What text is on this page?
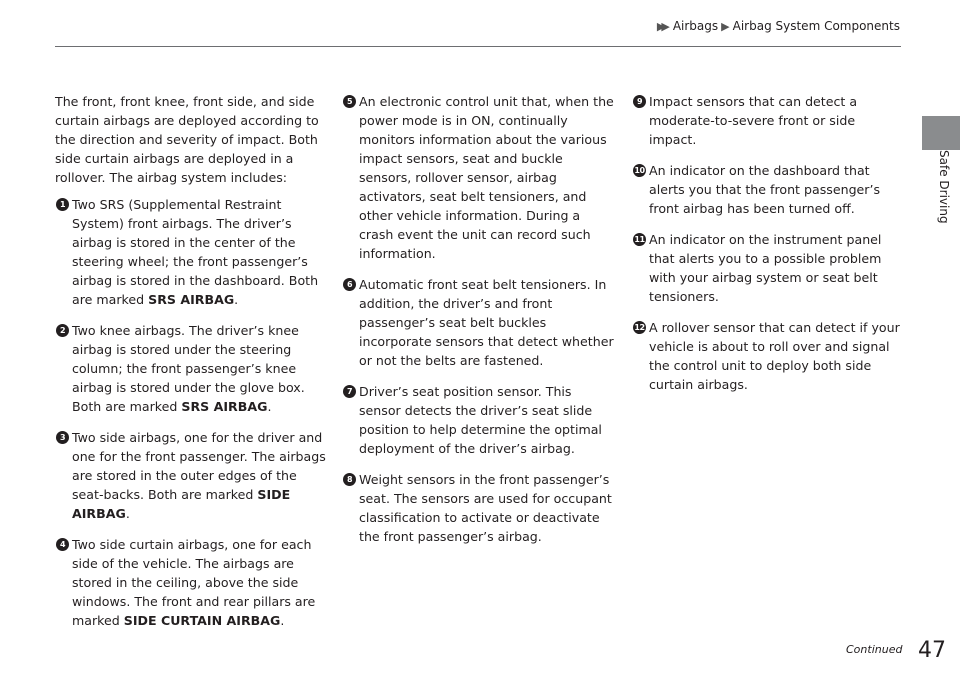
▶▶ Airbags ▶ Airbag System Components
Safe Driving

The front, front knee, front side, and side curtain airbags are deployed according to the direction and severity of impact. Both side curtain airbags are deployed in a rollover. The airbag system includes:

1 Two SRS (Supplemental Restraint System) front airbags. The driver’s airbag is stored in the center of the steering wheel; the front passenger’s airbag is stored in the dashboard. Both are marked SRS AIRBAG.
2 Two knee airbags. The driver’s knee airbag is stored under the steering column; the front passenger’s knee airbag is stored under the glove box. Both are marked SRS AIRBAG.
3 Two side airbags, one for the driver and one for the front passenger. The airbags are stored in the outer edges of the seat-backs. Both are marked SIDE AIRBAG.
4 Two side curtain airbags, one for each side of the vehicle. The airbags are stored in the ceiling, above the side windows. The front and rear pillars are marked SIDE CURTAIN AIRBAG.
5 An electronic control unit that, when the power mode is in ON, continually monitors information about the various impact sensors, seat and buckle sensors, rollover sensor, airbag activators, seat belt tensioners, and other vehicle information. During a crash event the unit can record such information.
6 Automatic front seat belt tensioners. In addition, the driver’s and front passenger’s seat belt buckles incorporate sensors that detect whether or not the belts are fastened.
7 Driver’s seat position sensor. This sensor detects the driver’s seat slide position to help determine the optimal deployment of the driver’s airbag.
8 Weight sensors in the front passenger’s seat. The sensors are used for occupant classification to activate or deactivate the front passenger’s airbag.
9 Impact sensors that can detect a moderate-to-severe front or side impact.
10 An indicator on the dashboard that alerts you that the front passenger’s front airbag has been turned off.
11 An indicator on the instrument panel that alerts you to a possible problem with your airbag system or seat belt tensioners.
12 A rollover sensor that can detect if your vehicle is about to roll over and signal the control unit to deploy both side curtain airbags.
Continued 47
